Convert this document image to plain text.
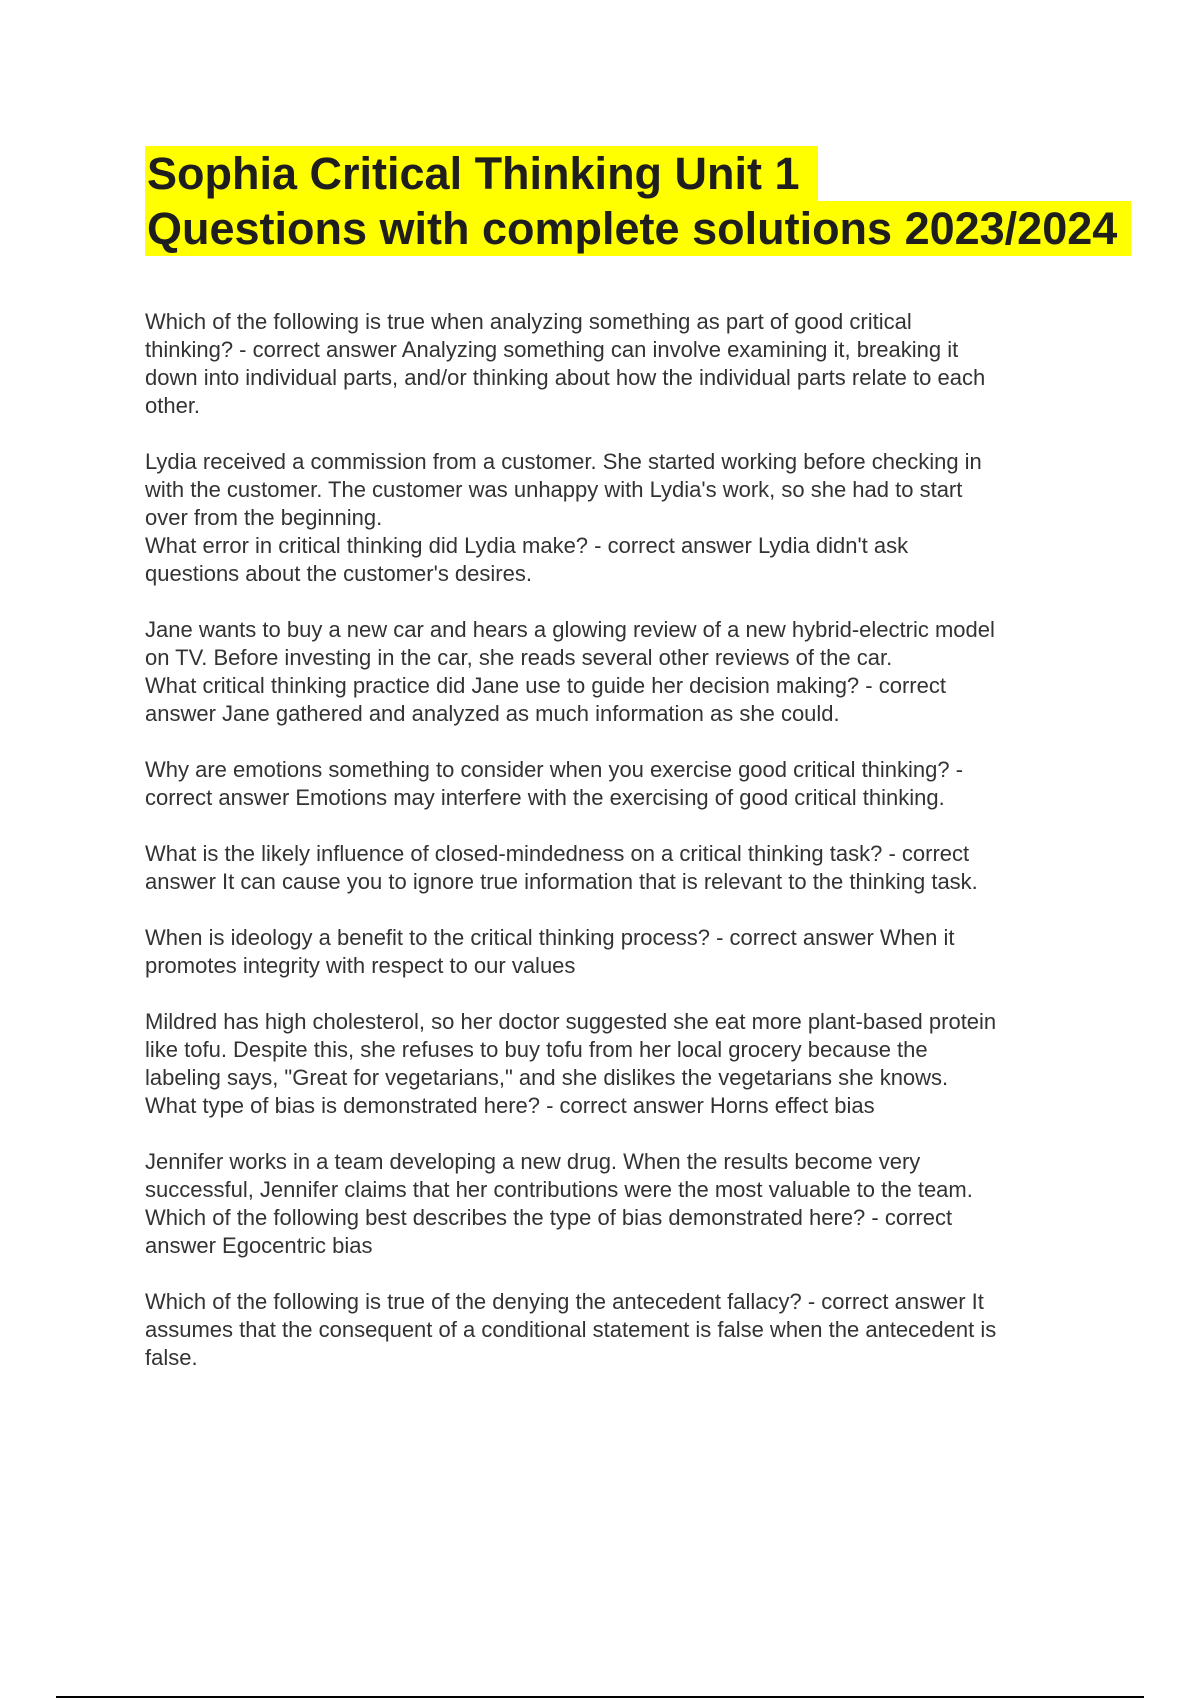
Sophia Critical Thinking Unit 1
Questions with complete solutions 2023/2024
Which of the following is true when analyzing something as part of good critical
thinking? - correct answer Analyzing something can involve examining it, breaking it
down into individual parts, and/or thinking about how the individual parts relate to each
other.
Lydia received a commission from a customer. She started working before checking in
with the customer. The customer was unhappy with Lydia's work, so she had to start
over from the beginning.
What error in critical thinking did Lydia make? - correct answer Lydia didn't ask
questions about the customer's desires.
Jane wants to buy a new car and hears a glowing review of a new hybrid-electric model
on TV. Before investing in the car, she reads several other reviews of the car.
What critical thinking practice did Jane use to guide her decision making? - correct
answer Jane gathered and analyzed as much information as she could.
Why are emotions something to consider when you exercise good critical thinking? -
correct answer Emotions may interfere with the exercising of good critical thinking.
What is the likely influence of closed-mindedness on a critical thinking task? - correct
answer It can cause you to ignore true information that is relevant to the thinking task.
When is ideology a benefit to the critical thinking process? - correct answer When it
promotes integrity with respect to our values
Mildred has high cholesterol, so her doctor suggested she eat more plant-based protein
like tofu. Despite this, she refuses to buy tofu from her local grocery because the
labeling says, "Great for vegetarians," and she dislikes the vegetarians she knows.
What type of bias is demonstrated here? - correct answer Horns effect bias
Jennifer works in a team developing a new drug. When the results become very
successful, Jennifer claims that her contributions were the most valuable to the team.
Which of the following best describes the type of bias demonstrated here? - correct
answer Egocentric bias
Which of the following is true of the denying the antecedent fallacy? - correct answer It
assumes that the consequent of a conditional statement is false when the antecedent is
false.
